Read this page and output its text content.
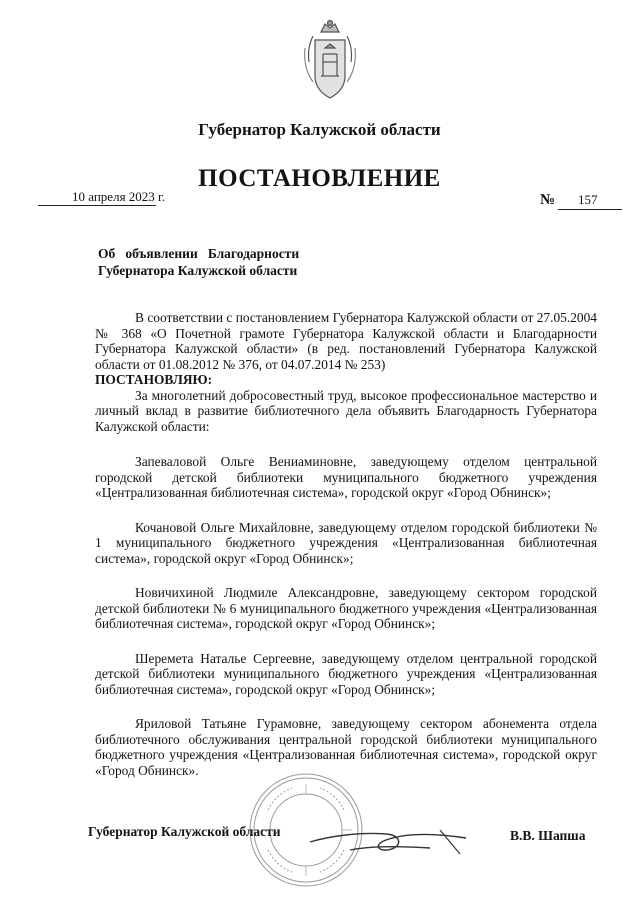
Губернатор Калужской области
ПОСТАНОВЛЕНИЕ
10 апреля 2023 г.	№ 157
Об   объявлении   Благодарности
Губернатора Калужской области

В соответствии с постановлением Губернатора Калужской области от 27.05.2004 № 368 «О Почетной грамоте Губернатора Калужской области и Благодарности Губернатора Калужской области» (в ред. постановлений Губернатора Калужской области от 01.08.2012 № 376, от 04.07.2014 № 253)

ПОСТАНОВЛЯЮ:

За многолетний добросовестный труд, высокое профессиональное мастерство и личный вклад в развитие библиотечного дела объявить Благодарность Губернатора Калужской области:

Запеваловой Ольге Вениаминовне, заведующему отделом центральной городской детской библиотеки муниципального бюджетного учреждения «Централизованная библиотечная система», городской округ «Город Обнинск»;

Кочановой Ольге Михайловне, заведующему отделом городской библиотеки № 1 муниципального бюджетного учреждения «Централизованная библиотечная система», городской округ «Город Обнинск»;

Новичихиной Людмиле Александровне, заведующему сектором городской детской библиотеки № 6 муниципального бюджетного учреждения «Централизованная библиотечная система», городской округ «Город Обнинск»;

Шеремета Наталье Сергеевне, заведующему отделом центральной городской детской библиотеки муниципального бюджетного учреждения «Централизованная библиотечная система», городской округ «Город Обнинск»;

Яриловой Татьяне Гурамовне, заведующему сектором абонемента отдела библиотечного обслуживания центральной городской библиотеки муниципального бюджетного учреждения «Централизованная библиотечная система», городской округ «Город Обнинск».

Губернатор Калужской области	В.В. Шапша
